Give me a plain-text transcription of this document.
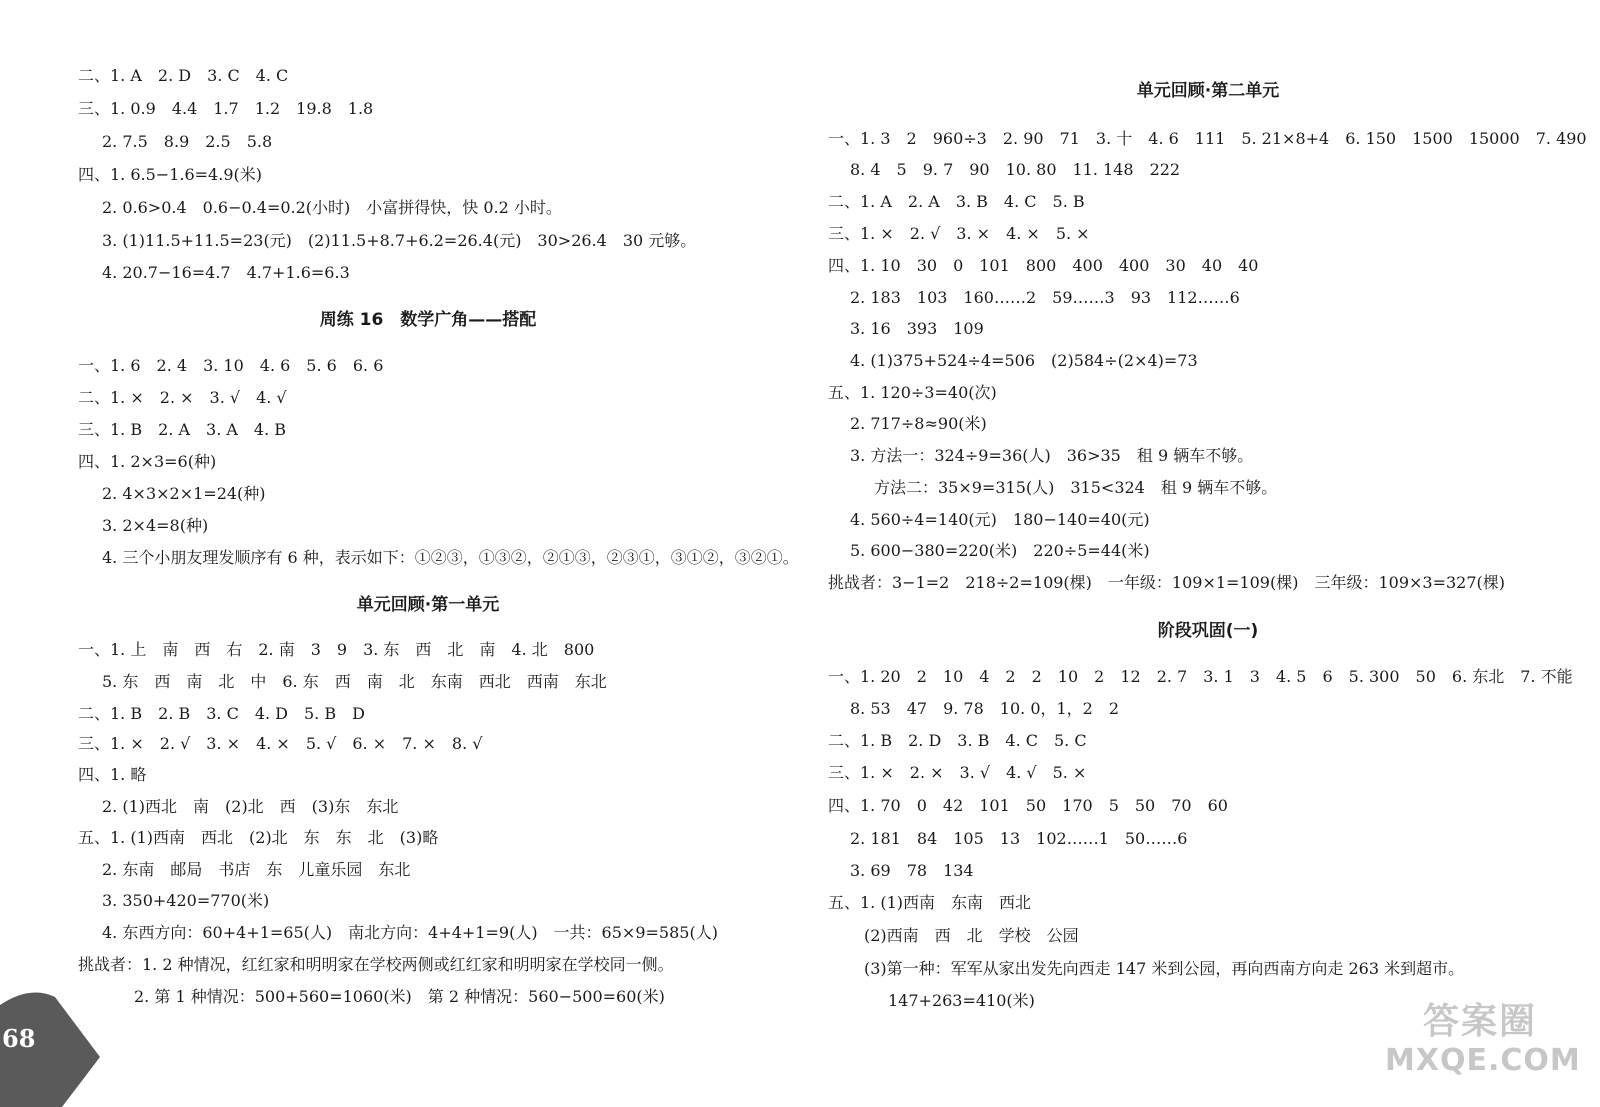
二、1. A　2. D　3. C　4. C
三、1. 0.9　4.4　1.7　1.2　19.8　1.8
2. 7.5　8.9　2.5　5.8
四、1. 6.5−1.6=4.9(米)
2. 0.6>0.4　0.6−0.4=0.2(小时)　小富拼得快，快 0.2 小时。
3. (1)11.5+11.5=23(元)　(2)11.5+8.7+6.2=26.4(元)　30>26.4　30 元够。
4. 20.7−16=4.7　4.7+1.6=6.3
周练 16　数学广角——搭配
一、1. 6　2. 4　3. 10　4. 6　5. 6　6. 6
二、1. ×　2. ×　3. √　4. √
三、1. B　2. A　3. A　4. B
四、1. 2×3=6(种)
2. 4×3×2×1=24(种)
3. 2×4=8(种)
4. 三个小朋友理发顺序有 6 种，表示如下：①②③，①③②，②①③，②③①，③①②，③②①。
单元回顾·第一单元
一、1. 上　南　西　右　2. 南　3　9　3. 东　西　北　南　4. 北　800
5. 东　西　南　北　中　6. 东　西　南　北　东南　西北　西南　东北
二、1. B　2. B　3. C　4. D　5. B　D
三、1. ×　2. √　3. ×　4. ×　5. √　6. ×　7. ×　8. √
四、1. 略
2. (1)西北　南　(2)北　西　(3)东　东北
五、1. (1)西南　西北　(2)北　东　东　北　(3)略
2. 东南　邮局　书店　东　儿童乐园　东北
3. 350+420=770(米)
4. 东西方向：60+4+1=65(人)　南北方向：4+4+1=9(人)　一共：65×9=585(人)
挑战者：1. 2 种情况，红红家和明明家在学校两侧或红红家和明明家在学校同一侧。
2. 第 1 种情况：500+560=1060(米)　第 2 种情况：560−500=60(米)
单元回顾·第二单元
一、1. 3　2　960÷3　2. 90　71　3. 十　4. 6　111　5. 21×8+4　6. 150　1500　15000　7. 490
8. 4　5　9. 7　90　10. 80　11. 148　222
二、1. A　2. A　3. B　4. C　5. B
三、1. ×　2. √　3. ×　4. ×　5. ×
四、1. 10　30　0　101　800　400　400　30　40　40
2. 183　103　160……2　59……3　93　112……6
3. 16　393　109
4. (1)375+524÷4=506　(2)584÷(2×4)=73
五、1. 120÷3=40(次)
2. 717÷8≈90(米)
3. 方法一：324÷9=36(人)　36>35　租 9 辆车不够。
方法二：35×9=315(人)　315<324　租 9 辆车不够。
4. 560÷4=140(元)　180−140=40(元)
5. 600−380=220(米)　220÷5=44(米)
挑战者：3−1=2　218÷2=109(棵)　一年级：109×1=109(棵)　三年级：109×3=327(棵)
阶段巩固(一)
一、1. 20　2　10　4　2　2　10　2　12　2. 7　3. 1　3　4. 5　6　5. 300　50　6. 东北　7. 不能
8. 53　47　9. 78　10. 0，1，2　2
二、1. B　2. D　3. B　4. C　5. C
三、1. ×　2. ×　3. √　4. √　5. ×
四、1. 70　0　42　101　50　170　5　50　70　60
2. 181　84　105　13　102……1　50……6
3. 69　78　134
五、1. (1)西南　东南　西北
(2)西南　西　北　学校　公园
(3)第一种：军军从家出发先向西走 147 米到公园，再向西南方向走 263 米到超市。
147+263=410(米)
68	答案圈
MXQE.COM
